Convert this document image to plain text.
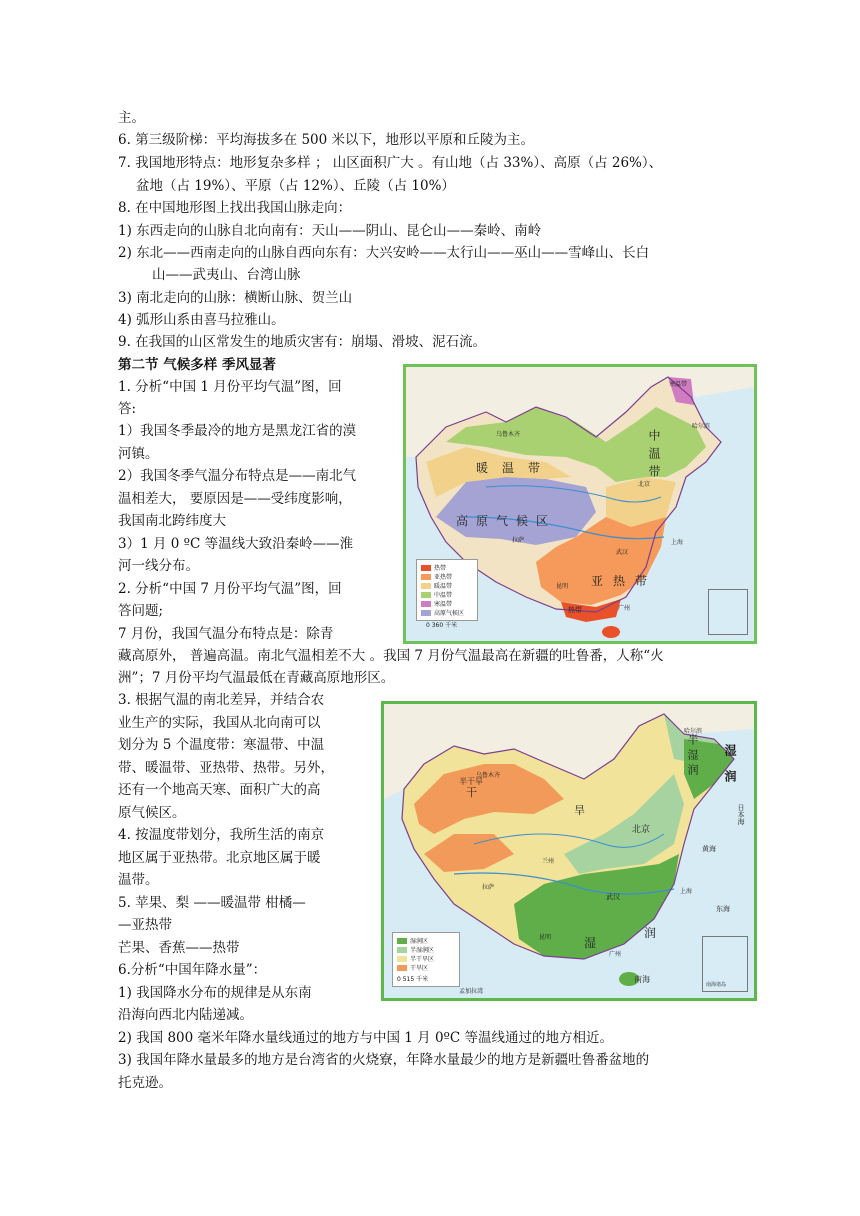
主。
6. 第三级阶梯：平均海拔多在 500 米以下，地形以平原和丘陵为主。
7. 我国地形特点：地形复杂多样 ； 山区面积广大 。有山地（占 33%）、高原（占 26%）、
盆地（占 19%）、平原（占 12%）、丘陵（占 10%）
8. 在中国地形图上找出我国山脉走向：
1) 东西走向的山脉自北向南有：天山——阴山、昆仑山——秦岭、南岭
2) 东北——西南走向的山脉自西向东有：大兴安岭——太行山——巫山——雪峰山、长白
山——武夷山、台湾山脉
3) 南北走向的山脉：横断山脉、贺兰山
4) 弧形山系由喜马拉雅山。
9. 在我国的山区常发生的地质灾害有：崩塌、滑坡、泥石流。
第二节 气候多样 季风显著
1. 分析“中国 1 月份平均气温”图，回
答:
1）我国冬季最冷的地方是黑龙江省的漠
河镇。
2）我国冬季气温分布特点是——南北气
温相差大， 要原因是——受纬度影响，
我国南北跨纬度大
3）1 月 0 ºC 等温线大致沿秦岭——淮
河一线分布。
2. 分析“中国 7 月份平均气温”图，回
答问题;
7 月份，我国气温分布特点是：除青
寒温带
暖温带	中温带
高原气候区
亚热带
热带
乌鲁木齐
哈尔滨
北京
上海
武汉
拉萨
昆明
广州
热带
亚热带
暖温带
中温带
寒温带
高原气候区
0 360 千米
藏高原外， 普遍高温。南北气温相差不大 。我国 7 月份气温最高在新疆的吐鲁番，人称“火
洲”；7 月份平均气温最低在青藏高原地形区。
3. 根据气温的南北差异，并结合农
业生产的实际，我国从北向南可以
划分为 5 个温度带：寒温带、中温
带、暖温带、亚热带、热带。另外，
还有一个地高天寒、面积广大的高
原气候区。
4. 按温度带划分，我所生活的南京
地区属于亚热带。北京地区属于暖
温带。
5. 苹果、梨 ——暖温带 柑橘—
—亚热带
芒果、香蕉——热带
6.分析“中国年降水量”：
1) 我国降水分布的规律是从东南
沿海向西北内陆递减。
湿润
半湿润
干
半干旱
旱
湿
润
乌鲁木齐
哈尔滨
北京
兰州
拉萨
武汉
上海
昆明
广州
日本海
黄海
东海
南海
孟加拉湾
湿润区
半湿润区
半干旱区
干旱区
0 515 千米
南海诸岛
2) 我国 800 毫米年降水量线通过的地方与中国 1 月 0ºC 等温线通过的地方相近。
3) 我国年降水量最多的地方是台湾省的火烧寮，年降水量最少的地方是新疆吐鲁番盆地的
托克逊。
